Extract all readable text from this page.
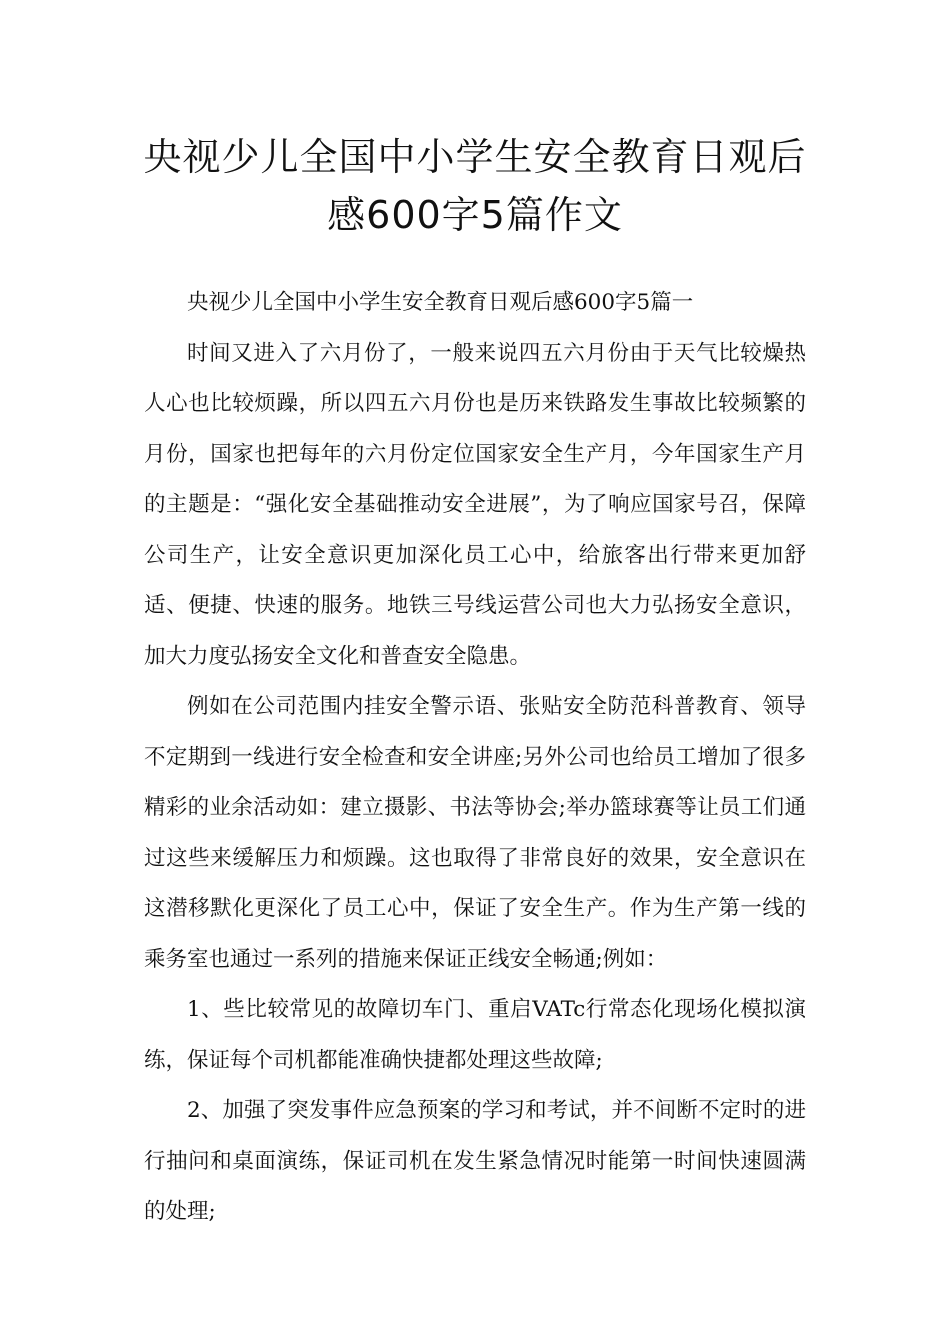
央视少儿全国中小学生安全教育日观后
感600字5篇作文

央视少儿全国中小学生安全教育日观后感600字5篇一

时间又进入了六月份了，一般来说四五六月份由于天气比较燥热人心也比较烦躁，所以四五六月份也是历来铁路发生事故比较频繁的月份，国家也把每年的六月份定位国家安全生产月，今年国家生产月的主题是：“强化安全基础推动安全进展”，为了响应国家号召，保障公司生产，让安全意识更加深化员工心中，给旅客出行带来更加舒适、便捷、快速的服务。地铁三号线运营公司也大力弘扬安全意识，加大力度弘扬安全文化和普查安全隐患。

例如在公司范围内挂安全警示语、张贴安全防范科普教育、领导不定期到一线进行安全检查和安全讲座;另外公司也给员工增加了很多精彩的业余活动如：建立摄影、书法等协会;举办篮球赛等让员工们通过这些来缓解压力和烦躁。这也取得了非常良好的效果，安全意识在这潜移默化更深化了员工心中，保证了安全生产。作为生产第一线的乘务室也通过一系列的措施来保证正线安全畅通;例如：

1、些比较常见的故障切车门、重启VATc行常态化现场化模拟演练，保证每个司机都能准确快捷都处理这些故障;

2、加强了突发事件应急预案的学习和考试，并不间断不定时的进行抽问和桌面演练，保证司机在发生紧急情况时能第一时间快速圆满的处理;
